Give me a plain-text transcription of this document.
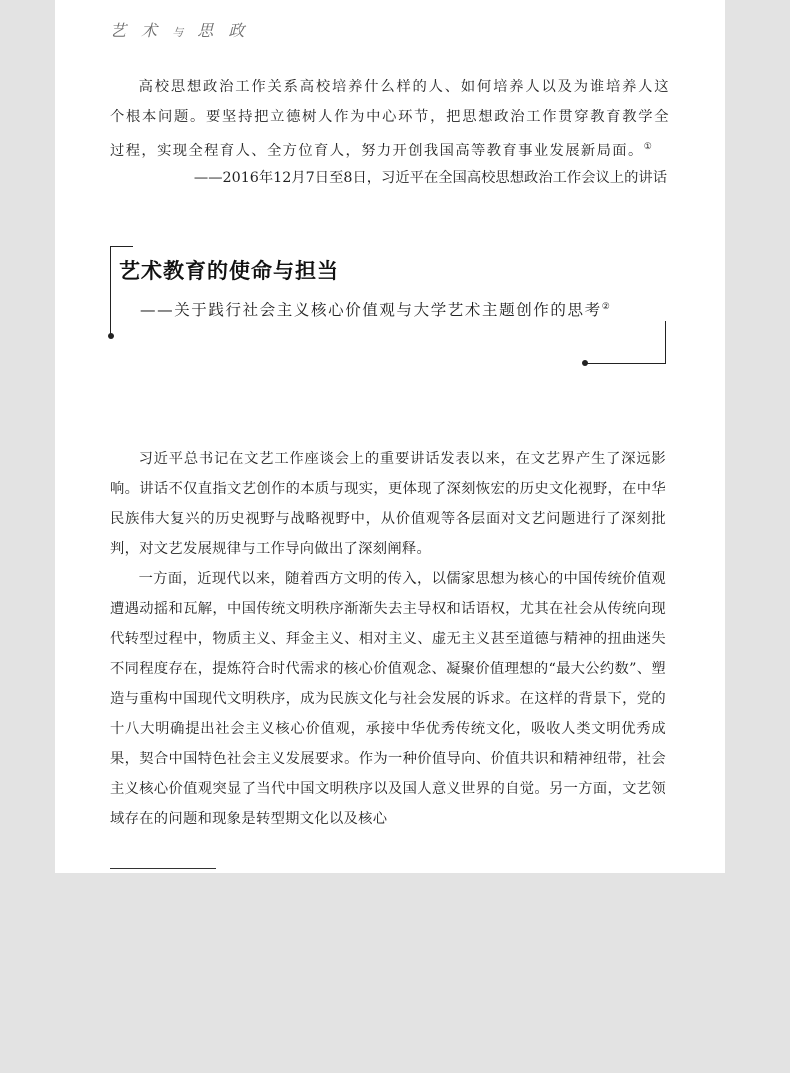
艺 术 与 思 政
高校思想政治工作关系高校培养什么样的人、如何培养人以及为谁培养人这个根本问题。要坚持把立德树人作为中心环节，把思想政治工作贯穿教育教学全过程，实现全程育人、全方位育人，努力开创我国高等教育事业发展新局面。①
——2016年12月7日至8日，习近平在全国高校思想政治工作会议上的讲话
艺术教育的使命与担当
——关于践行社会主义核心价值观与大学艺术主题创作的思考②

习近平总书记在文艺工作座谈会上的重要讲话发表以来，在文艺界产生了深远影响。讲话不仅直指文艺创作的本质与现实，更体现了深刻恢宏的历史文化视野，在中华民族伟大复兴的历史视野与战略视野中，从价值观等各层面对文艺问题进行了深刻批判，对文艺发展规律与工作导向做出了深刻阐释。

一方面，近现代以来，随着西方文明的传入，以儒家思想为核心的中国传统价值观遭遇动摇和瓦解，中国传统文明秩序渐渐失去主导权和话语权，尤其在社会从传统向现代转型过程中，物质主义、拜金主义、相对主义、虚无主义甚至道德与精神的扭曲迷失不同程度存在，提炼符合时代需求的核心价值观念、凝聚价值理想的“最大公约数”、塑造与重构中国现代文明秩序，成为民族文化与社会发展的诉求。在这样的背景下，党的十八大明确提出社会主义核心价值观，承接中华优秀传统文化，吸收人类文明优秀成果，契合中国特色社会主义发展要求。作为一种价值导向、价值共识和精神纽带，社会主义核心价值观突显了当代中国文明秩序以及国人意义世界的自觉。另一方面，文艺领域存在的问题和现象是转型期文化以及核心
